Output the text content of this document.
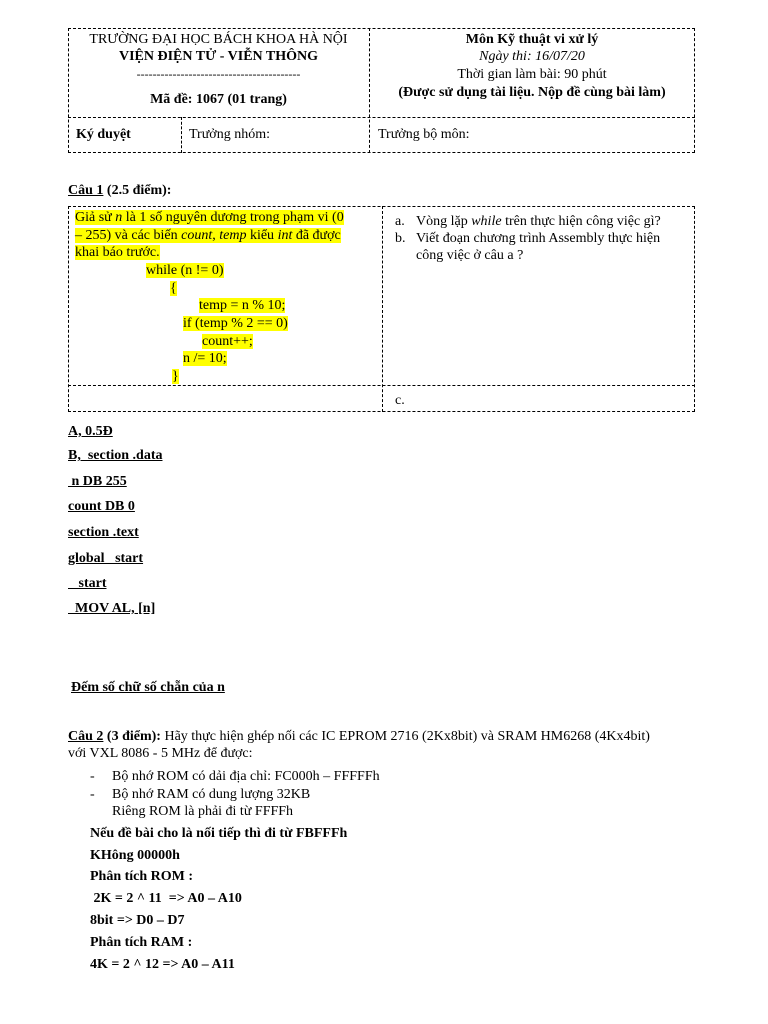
TRƯỜNG ĐẠI HỌC BÁCH KHOA HÀ NỘI
VIỆN ĐIỆN TỬ - VIỄN THÔNG
-----------------------------------------
Mã đề: 1067 (01 trang)
Môn Kỹ thuật vi xử lý
Ngày thi: 16/07/20
Thời gian làm bài: 90 phút
(Được sử dụng tài liệu. Nộp đề cùng bài làm)
Ký duyệt	Trưởng nhóm:	Trưởng bộ môn:
Câu 1 (2.5 điểm):
Giả sử n là 1 số nguyên dương trong phạm vi (0
– 255) và các biến count, temp kiểu int đã được
khai báo trước.
while (n != 0)
{
temp = n % 10;
if (temp % 2 == 0)
count++;
n /= 10;
}
a. Vòng lặp while trên thực hiện công việc gì?
b. Viết đoạn chương trình Assembly thực hiện
công việc ở câu a ?
c.
A, 0.5Đ
B,  section .data
n DB 255
count DB 0
section .text
global _start
_start
MOV AL, [n]
Đếm số chữ số chẵn của n
Câu 2 (3 điểm): Hãy thực hiện ghép nối các IC EPROM 2716 (2Kx8bit) và SRAM HM6268 (4Kx4bit)
với VXL 8086 - 5 MHz để được:
- Bộ nhớ ROM có dải địa chỉ: FC000h – FFFFFh
- Bộ nhớ RAM có dung lượng 32KB
Riêng ROM là phải đi từ FFFFh
Nếu đề bài cho là nối tiếp thì đi từ FBFFFh
KHông 00000h
Phân tích ROM :
2K = 2 ^ 11  => A0 – A10
8bit => D0 – D7
Phân tích RAM :
4K = 2 ^ 12 => A0 – A11
